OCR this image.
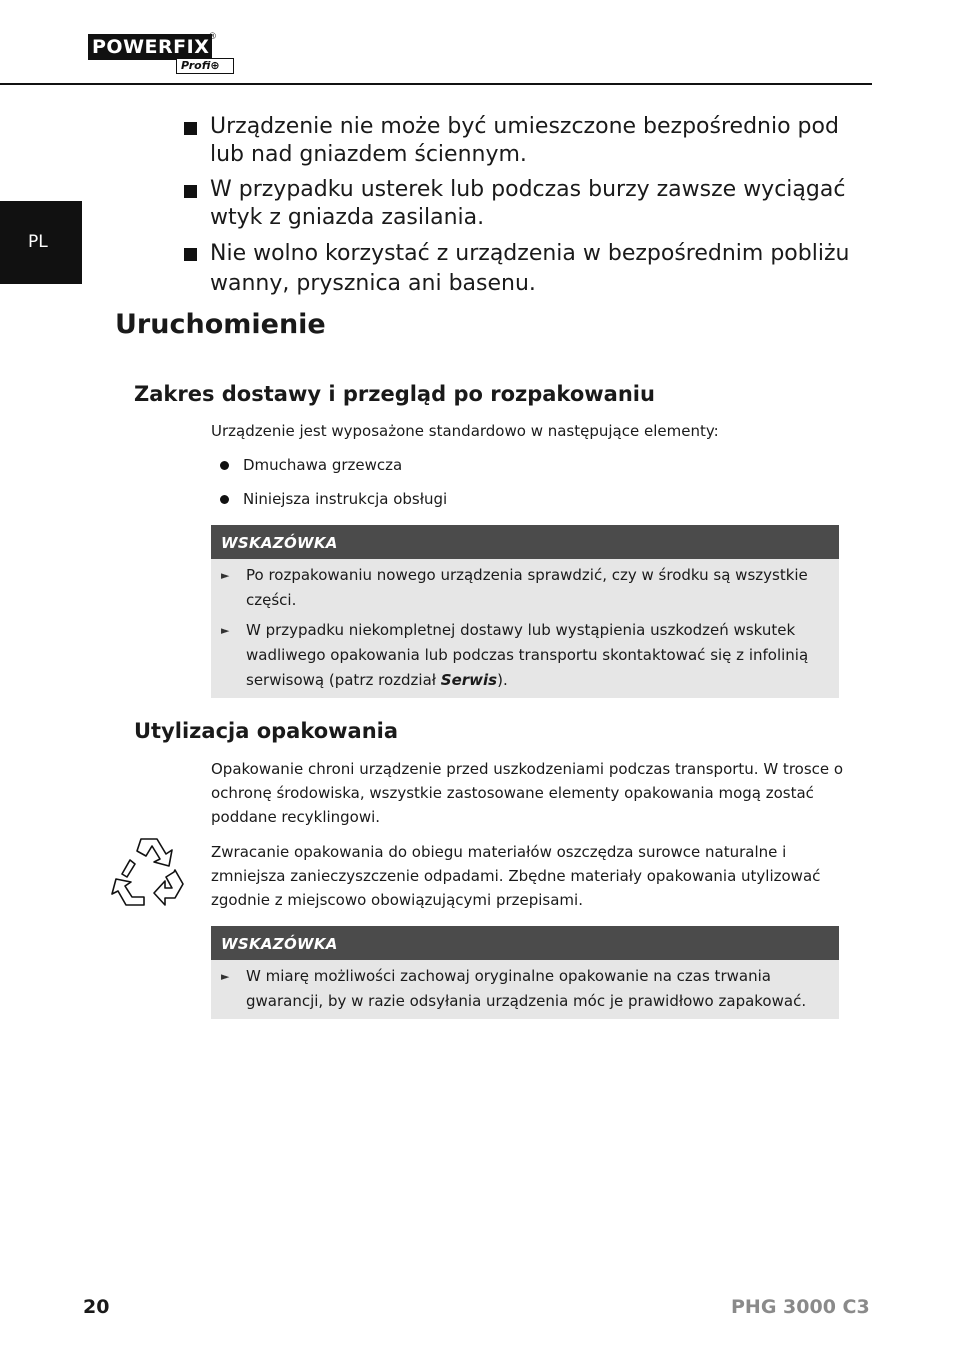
POWERFIX
®
Profi⊕
PL
Urządzenie nie może być umieszczone bezpośrednio pod lub nad gniazdem ściennym.
W przypadku usterek lub podczas burzy zawsze wyciągać wtyk z gniazda zasilania.
Nie wolno korzystać z urządzenia w bezpośrednim pobliżu wanny, prysznica ani basenu.
Uruchomienie
Zakres dostawy i przegląd po rozpakowaniu
Urządzenie jest wyposażone standardowo w następujące elementy:
Dmuchawa grzewcza
Niniejsza instrukcja obsługi
WSKAZÓWKA
► Po rozpakowaniu nowego urządzenia sprawdzić, czy w środku są wszystkie części.
► W przypadku niekompletnej dostawy lub wystąpienia uszkodzeń wskutek wadliwego opakowania lub podczas transportu skontaktować się z infolinią serwisową (patrz rozdział Serwis).
Utylizacja opakowania
Opakowanie chroni urządzenie przed uszkodzeniami podczas transportu. W trosce o ochronę środowiska, wszystkie zastosowane elementy opakowania mogą zostać poddane recyklingowi.
Zwracanie opakowania do obiegu materiałów oszczędza surowce naturalne i zmniejsza zanieczyszczenie odpadami. Zbędne materiały opakowania utylizować zgodnie z miejscowo obowiązującymi przepisami.
WSKAZÓWKA
► W miarę możliwości zachowaj oryginalne opakowanie na czas trwania gwarancji, by w razie odsyłania urządzenia móc je prawidłowo zapakować.
20	PHG 3000 C3
